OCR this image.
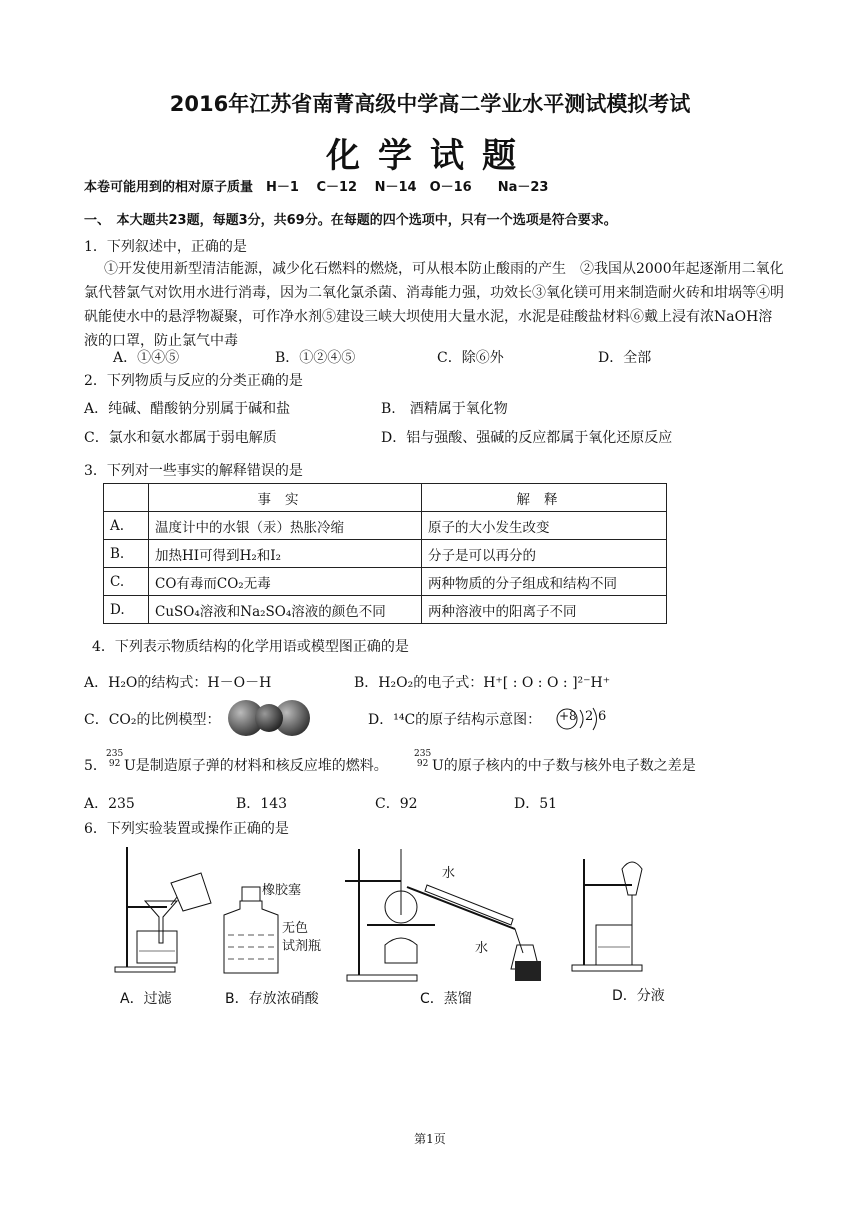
2016年江苏省南菁高级中学高二学业水平测试模拟考试
化学试题
本卷可能用到的相对原子质量　H－1　 C－12　 N－14　O－16　　Na－23
一、　本大题共23题，每题3分，共69分。在每题的四个选项中，只有一个选项是符合要求。
1．下列叙述中，正确的是
①开发使用新型清洁能源，减少化石燃料的燃烧，可从根本防止酸雨的产生　②我国从2000年起逐渐用二氧化氯代替氯气对饮用水进行消毒，因为二氧化氯杀菌、消毒能力强，功效长③氧化镁可用来制造耐火砖和坩埚等④明矾能使水中的悬浮物凝聚，可作净水剂⑤建设三峡大坝使用大量水泥，水泥是硅酸盐材料⑥戴上浸有浓NaOH溶液的口罩，防止氯气中毒
A．①④⑤	B．①②④⑤	C．除⑥外	D．全部
2．下列物质与反应的分类正确的是
A．纯碱、醋酸钠分别属于碱和盐	B.　酒精属于氧化物
C．氯水和氨水都属于弱电解质	D．铝与强酸、强碱的反应都属于氧化还原反应
3．下列对一些事实的解释错误的是
	事实	解释
A.	温度计中的水银（汞）热胀冷缩	原子的大小发生改变
B.	加热HI可得到H₂和I₂	分子是可以再分的
C.	CO有毒而CO₂无毒	两种物质的分子组成和结构不同
D.	CuSO₄溶液和Na₂SO₄溶液的颜色不同	两种溶液中的阳离子不同
4．下列表示物质结构的化学用语或模型图正确的是
A．H₂O的结构式：H－O－H	B．H₂O₂的电子式：H⁺[ : O : O : ]²⁻H⁺
C．CO₂的比例模型：	D．¹⁴C的原子结构示意图： +8 2 6
5．
235
92 U是制造原子弹的材料和核反应堆的燃料。
235
92 U的原子核内的中子数与核外电子数之差是
A．235	B．143	C．92	D．51
6．下列实验装置或操作正确的是
A．过滤
橡胶塞
无色
试剂瓶
B．存放浓硝酸
水
水
C．蒸馏	D．分液
第1页
